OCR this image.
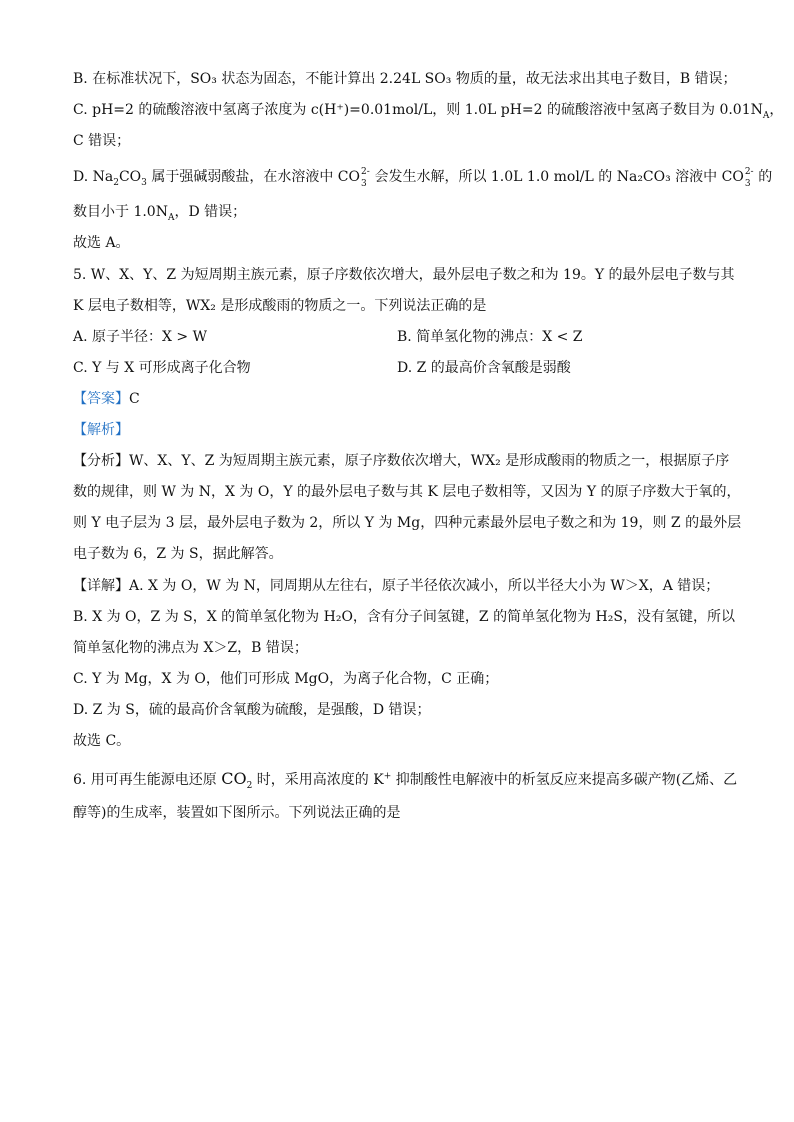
B. 在标准状况下，SO₃ 状态为固态，不能计算出 2.24L SO₃ 物质的量，故无法求出其电子数目，B 错误；
C. pH=2 的硫酸溶液中氢离子浓度为 c(H⁺)=0.01mol/L，则 1.0L pH=2 的硫酸溶液中氢离子数目为 $0.01N_A$，
C 错误；
D. $Na_2CO_3$ 属于强碱弱酸盐，在水溶液中 CO 2-
3 会发生水解，所以 1.0L 1.0 mol/L 的 Na₂CO₃ 溶液中 CO 2-
3 的
数目小于 $1.0N_A$，D 错误；
故选 A。
5. W、X、Y、Z 为短周期主族元素，原子序数依次增大，最外层电子数之和为 19。Y 的最外层电子数与其
K 层电子数相等，WX₂ 是形成酸雨的物质之一。下列说法正确的是
A. 原子半径：X > W	B. 简单氢化物的沸点：X < Z
C. Y 与 X 可形成离子化合物	D. Z 的最高价含氧酸是弱酸
【答案】C
【解析】
【分析】W、X、Y、Z 为短周期主族元素，原子序数依次增大，WX₂ 是形成酸雨的物质之一，根据原子序
数的规律，则 W 为 N，X 为 O，Y 的最外层电子数与其 K 层电子数相等，又因为 Y 的原子序数大于氧的，
则 Y 电子层为 3 层，最外层电子数为 2，所以 Y 为 Mg，四种元素最外层电子数之和为 19，则 Z 的最外层
电子数为 6，Z 为 S，据此解答。
【详解】A. X 为 O，W 为 N，同周期从左往右，原子半径依次减小，所以半径大小为 W＞X，A 错误；
B. X 为 O，Z 为 S，X 的简单氢化物为 H₂O，含有分子间氢键，Z 的简单氢化物为 H₂S，没有氢键，所以
简单氢化物的沸点为 X＞Z，B 错误；
C. Y 为 Mg，X 为 O，他们可形成 MgO，为离子化合物，C 正确；
D. Z 为 S，硫的最高价含氧酸为硫酸，是强酸，D 错误；
故选 C。
6. 用可再生能源电还原 $CO_2$ 时，采用高浓度的 K+ 抑制酸性电解液中的析氢反应来提高多碳产物(乙烯、乙
醇等)的生成率，装置如下图所示。下列说法正确的是
